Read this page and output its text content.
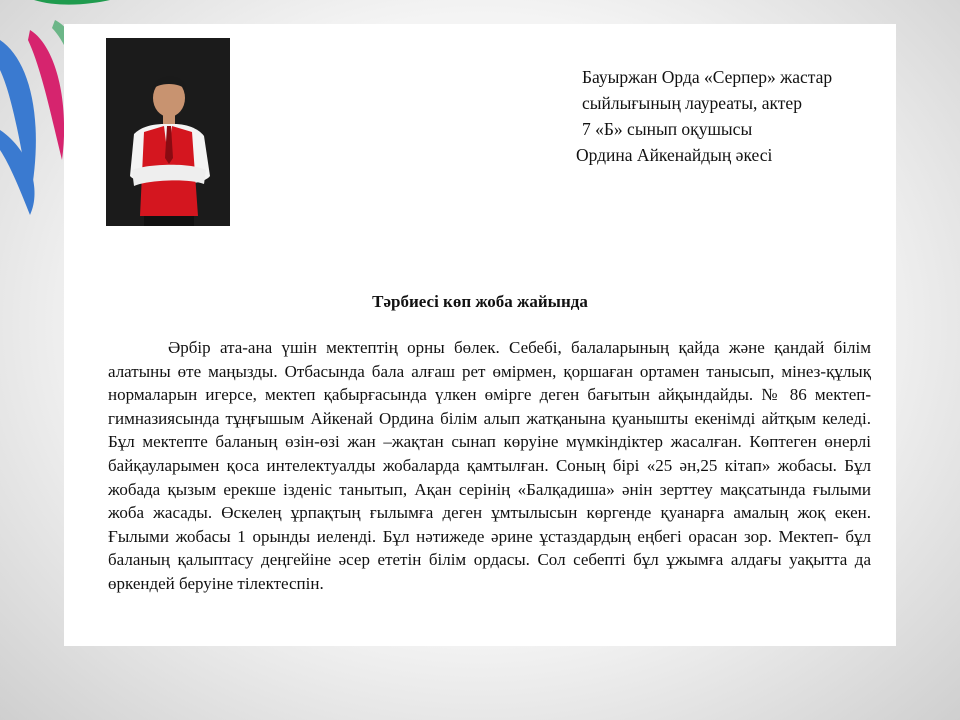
Бауыржан Орда «Серпер» жастар
сыйлығының лауреаты, актер
7 «Б» сынып оқушысы
Ордина Айкенайдың әкесі
Тәрбиесі көп жоба жайында

Әрбір ата-ана үшін мектептің орны бөлек. Себебі, балаларының қайда және қандай білім алатыны өте маңызды. Отбасында бала алғаш рет өмірмен, қоршаған ортамен танысып, мінез-құлық нормаларын игерсе, мектеп қабырғасында үлкен өмірге деген бағытын айқындайды. № 86 мектеп-гимназиясында тұңғышым Айкенай Ордина білім алып жатқанына қуанышты екенімді айтқым келеді. Бұл мектепте баланың өзін-өзі жан –жақтан сынап көруіне мүмкіндіктер жасалған. Көптеген өнерлі байқауларымен қоса интелектуалды жобаларда қамтылған. Соның бірі «25 ән,25 кітап» жобасы. Бұл жобада қызым ерекше ізденіс танытып, Ақан серінің «Балқадиша» әнін зерттеу мақсатында ғылыми жоба жасады. Өскелең ұрпақтың ғылымға деген ұмтылысын көргенде қуанарға амалың жоқ екен. Ғылыми жобасы 1 орынды иеленді. Бұл нәтижеде әрине ұстаздардың еңбегі орасан зор. Мектеп- бұл баланың қалыптасу деңгейіне әсер ететін білім ордасы. Сол себепті бұл ұжымға алдағы уақытта да өркендей беруіне тілектеспін.
